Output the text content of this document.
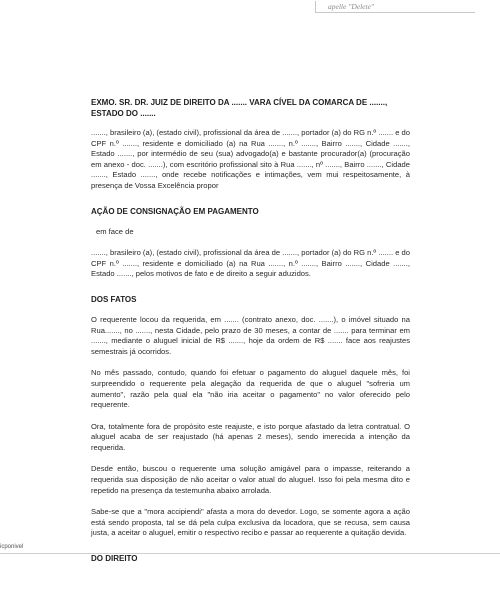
apelle "Delete"

EXMO. SR. DR. JUIZ DE DIREITO DA ....... VARA CÍVEL DA COMARCA DE ......., ESTADO DO .......

......., brasileiro (a), (estado civil), profissional da área de ......., portador (a) do RG n.º ....... e do CPF n.º ......., residente e domiciliado (a) na Rua ......., n.º ......., Bairro ......., Cidade ......., Estado ......., por intermédio de seu (sua) advogado(a) e bastante procurador(a) (procuração em anexo - doc. .......), com escritório profissional sito à Rua ......., nº ......., Bairro ......., Cidade ......., Estado ......., onde recebe notificações e intimações, vem mui respeitosamente, à presença de Vossa Excelência propor

AÇÃO DE CONSIGNAÇÃO EM PAGAMENTO

em face de

......., brasileiro (a), (estado civil), profissional da área de ......., portador (a) do RG n.º ....... e do CPF n.º ......., residente e domiciliado (a) na Rua ......., n.º ......., Bairro ......., Cidade ......., Estado ......., pelos motivos de fato e de direito a seguir aduzidos.

DOS FATOS

O requerente locou da requerida, em ....... (contrato anexo, doc. .......), o imóvel situado na Rua......., no ......., nesta Cidade, pelo prazo de 30 meses, a contar de ....... para terminar em ......., mediante o aluguel inicial de R$ ......., hoje da ordem de R$ ....... face aos reajustes semestrais já ocorridos.

No mês passado, contudo, quando foi efetuar o pagamento do aluguel daquele mês, foi surpreendido o requerente pela alegação da requerida de que o aluguel "sofreria um aumento", razão pela qual ela "não iria aceitar o pagamento" no valor oferecido pelo requerente.

Ora, totalmente fora de propósito este reajuste, e isto porque afastado da letra contratual. O aluguel acaba de ser reajustado (há apenas 2 meses), sendo imerecida a intenção da requerida.

Desde então, buscou o requerente uma solução amigável para o impasse, reiterando a requerida sua disposição de não aceitar o valor atual do aluguel. Isso foi pela mesma dito e repetido na presença da testemunha abaixo arrolada.

Sabe-se que a "mora accipiendi" afasta a mora do devedor. Logo, se somente agora a ação está sendo proposta, tal se dá pela culpa exclusiva da locadora, que se recusa, sem causa justa, a aceitar o aluguel, emitir o respectivo recibo e passar ao requerente a quitação devida.

DO DIREITO

icponivel
